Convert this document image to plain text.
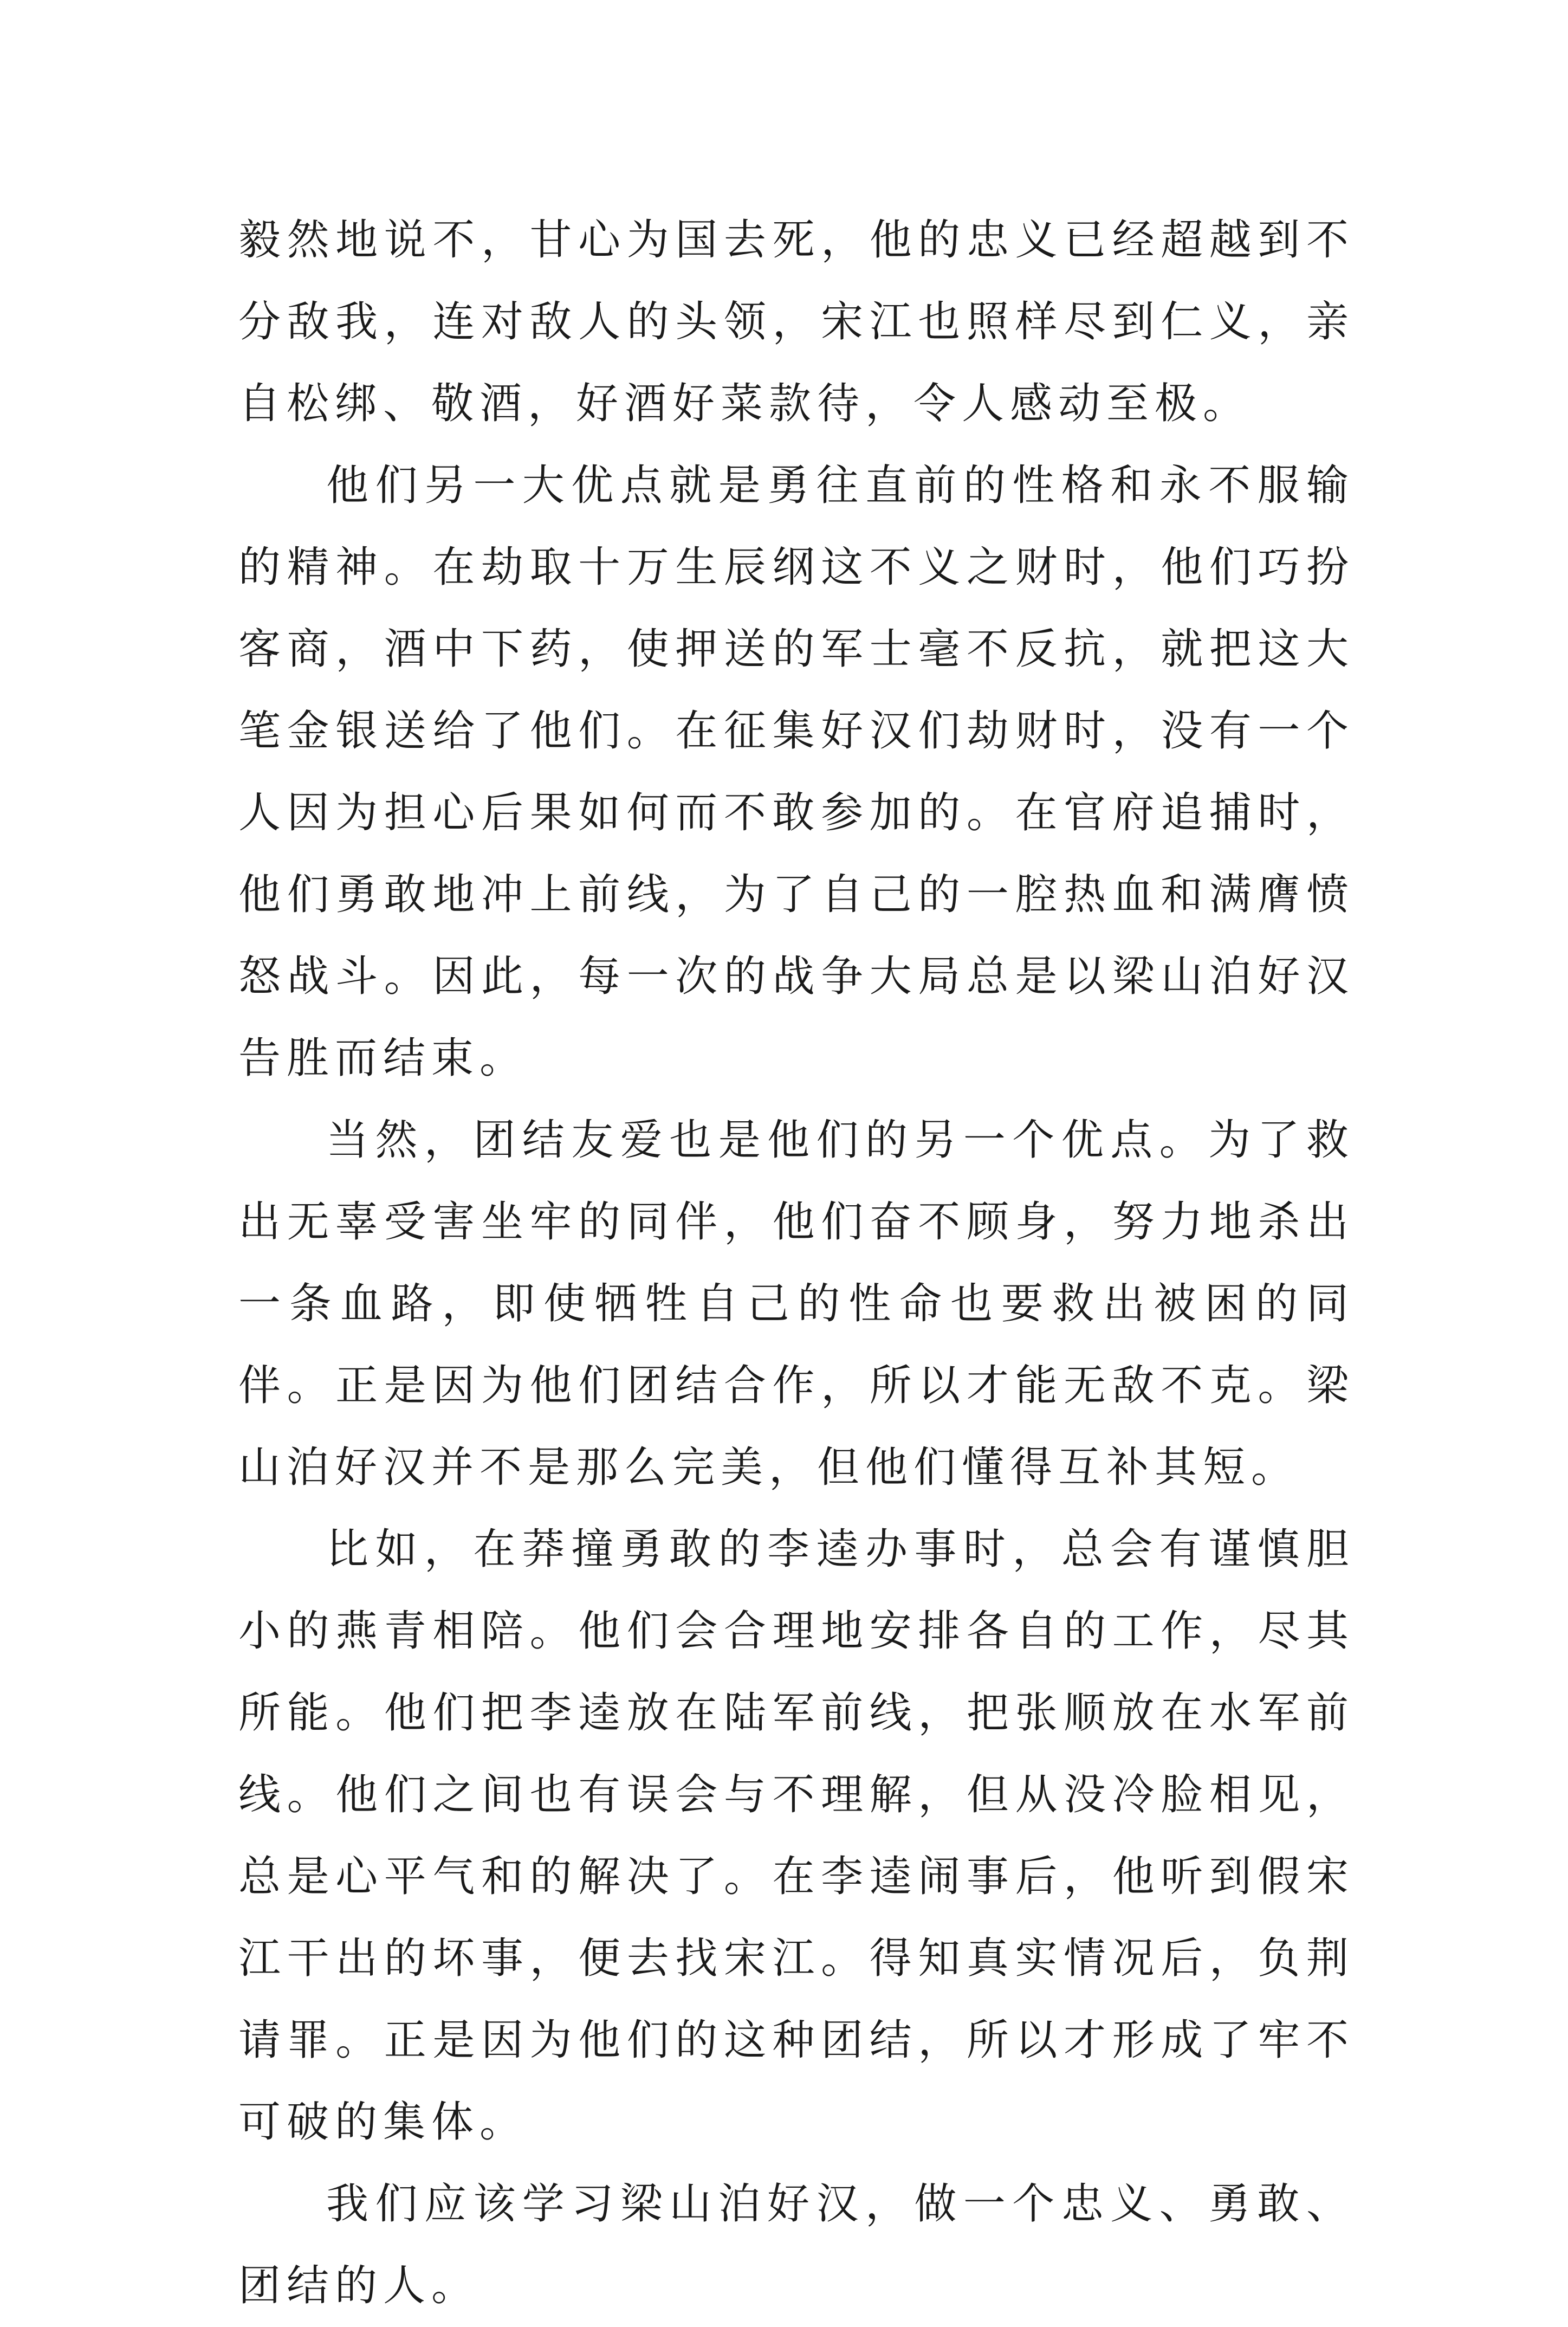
毅然地说不，甘心为国去死，他的忠义已经超越到不分敌我，连对敌人的头领，宋江也照样尽到仁义，亲自松绑、敬酒，好酒好菜款待，令人感动至极。

他们另一大优点就是勇往直前的性格和永不服输的精神。在劫取十万生辰纲这不义之财时，他们巧扮客商，酒中下药，使押送的军士毫不反抗，就把这大笔金银送给了他们。在征集好汉们劫财时，没有一个人因为担心后果如何而不敢参加的。在官府追捕时，他们勇敢地冲上前线，为了自己的一腔热血和满膺愤怒战斗。因此，每一次的战争大局总是以梁山泊好汉告胜而结束。

当然，团结友爱也是他们的另一个优点。为了救出无辜受害坐牢的同伴，他们奋不顾身，努力地杀出一条血路，即使牺牲自己的性命也要救出被困的同伴。正是因为他们团结合作，所以才能无敌不克。梁山泊好汉并不是那么完美，但他们懂得互补其短。

比如，在莽撞勇敢的李逵办事时，总会有谨慎胆小的燕青相陪。他们会合理地安排各自的工作，尽其所能。他们把李逵放在陆军前线，把张顺放在水军前线。他们之间也有误会与不理解，但从没冷脸相见，总是心平气和的解决了。在李逵闹事后，他听到假宋江干出的坏事，便去找宋江。得知真实情况后，负荆请罪。正是因为他们的这种团结，所以才形成了牢不可破的集体。

我们应该学习梁山泊好汉，做一个忠义、勇敢、团结的人。
